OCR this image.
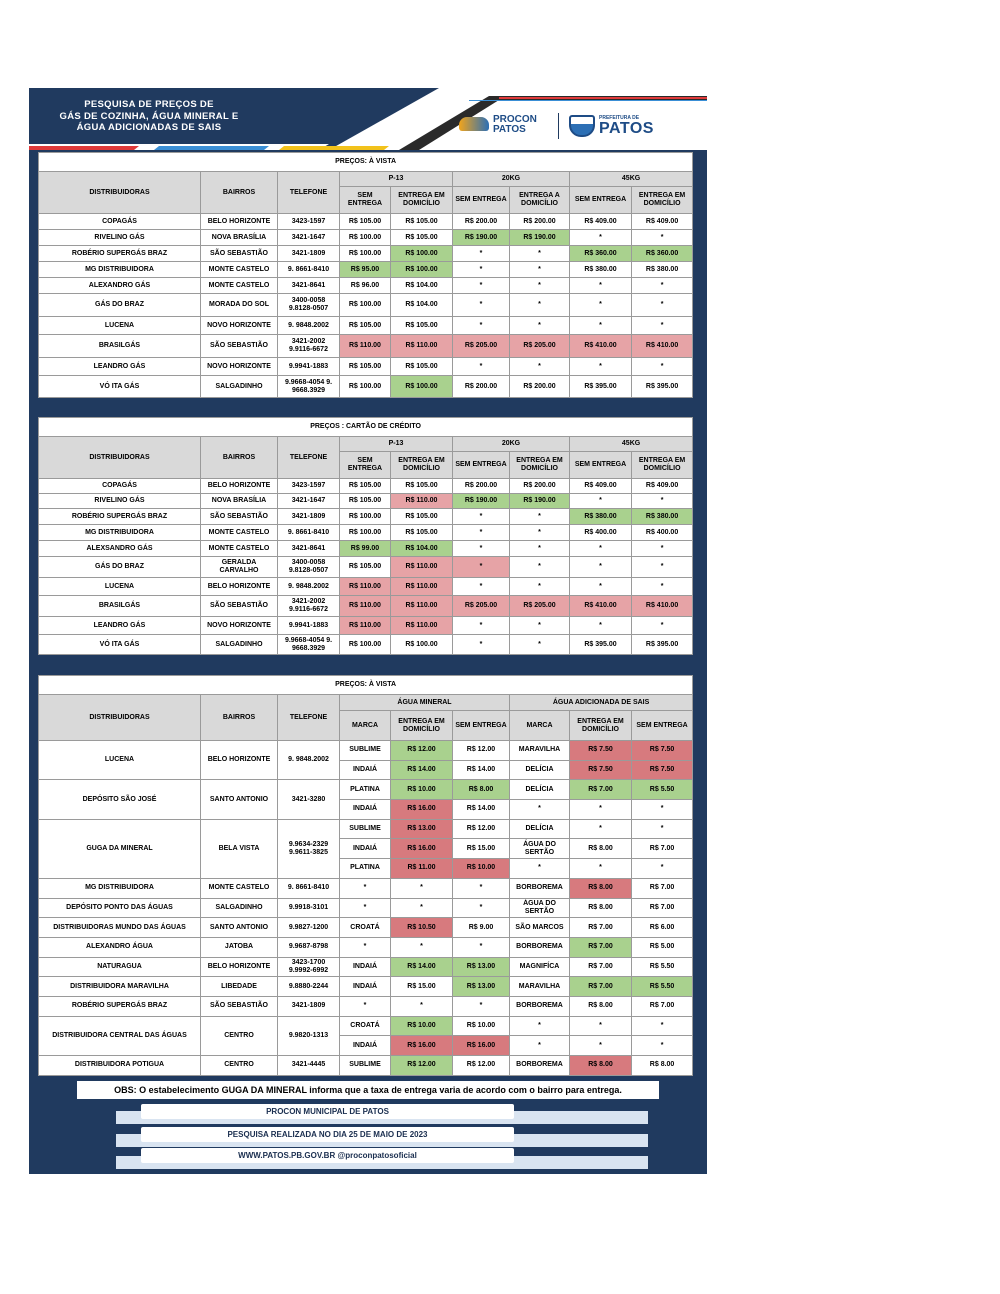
PESQUISA DE PREÇOS DE
GÁS DE COZINHA, ÁGUA MINERAL E
ÁGUA ADICIONADAS DE SAIS
PROCON
PATOS
PREFEITURA DE
PATOS
PREÇOS: À VISTA								
DISTRIBUIDORAS	BAIRROS	TELEFONE	P-13		20KG		45KG	
			SEM ENTREGA	ENTREGA EM DOMICÍLIO	SEM ENTREGA	ENTREGA A DOMICÍLIO	SEM ENTREGA	ENTREGA EM DOMICÍLIO
COPAGÁS	BELO HORIZONTE	3423-1597	R$ 105.00	R$ 105.00	R$ 200.00	R$ 200.00	R$ 409.00	R$ 409.00
RIVELINO GÁS	NOVA BRASÍLIA	3421-1647	R$ 100.00	R$ 105.00	R$ 190.00	R$ 190.00	*	*
ROBÉRIO SUPERGÁS BRAZ	SÃO SEBASTIÃO	3421-1809	R$ 100.00	R$ 100.00	*	*	R$ 360.00	R$ 360.00
MG DISTRIBUIDORA	MONTE CASTELO	9. 8661-8410	R$ 95.00	R$ 100.00	*	*	R$ 380.00	R$ 380.00
ALEXANDRO GÁS	MONTE CASTELO	3421-8641	R$ 96.00	R$ 104.00	*	*	*	*
GÁS DO BRAZ	MORADA DO SOL	3400-0058 9.8128-0507	R$ 100.00	R$ 104.00	*	*	*	*
LUCENA	NOVO HORIZONTE	9. 9848.2002	R$ 105.00	R$ 105.00	*	*	*	*
BRASILGÁS	SÃO SEBASTIÃO	3421-2002 9.9116-6672	R$ 110.00	R$ 110.00	R$ 205.00	R$ 205.00	R$ 410.00	R$ 410.00
LEANDRO GÁS	NOVO HORIZONTE	9.9941-1883	R$ 105.00	R$ 105.00	*	*	*	*
VÓ ITA GÁS	SALGADINHO	9.9668-4054 9. 9668.3929	R$ 100.00	R$ 100.00	R$ 200.00	R$ 200.00	R$ 395.00	R$ 395.00
PREÇOS : CARTÃO DE CRÉDITO								
DISTRIBUIDORAS	BAIRROS	TELEFONE	P-13		20KG		45KG	
			SEM ENTREGA	ENTREGA EM DOMICÍLIO	SEM ENTREGA	ENTREGA EM DOMICÍLIO	SEM ENTREGA	ENTREGA EM DOMICÍLIO
COPAGÁS	BELO HORIZONTE	3423-1597	R$ 105.00	R$ 105.00	R$ 200.00	R$ 200.00	R$ 409.00	R$ 409.00
RIVELINO GÁS	NOVA BRASÍLIA	3421-1647	R$ 105.00	R$ 110.00	R$ 190.00	R$ 190.00	*	*
ROBÉRIO SUPERGÁS BRAZ	SÃO SEBASTIÃO	3421-1809	R$ 100.00	R$ 105.00	*	*	R$ 380.00	R$ 380.00
MG DISTRIBUIDORA	MONTE CASTELO	9. 8661-8410	R$ 100.00	R$ 105.00	*	*	R$ 400.00	R$ 400.00
ALEXSANDRO GÁS	MONTE CASTELO	3421-8641	R$ 99.00	R$ 104.00	*	*	*	*
GÁS DO BRAZ	GERALDA CARVALHO	3400-0058 9.8128-0507	R$ 105.00	R$ 110.00	*	*	*	*
LUCENA	BELO HORIZONTE	9. 9848.2002	R$ 110.00	R$ 110.00	*	*	*	*
BRASILGÁS	SÃO SEBASTIÃO	3421-2002 9.9116-6672	R$ 110.00	R$ 110.00	R$ 205.00	R$ 205.00	R$ 410.00	R$ 410.00
LEANDRO GÁS	NOVO HORIZONTE	9.9941-1883	R$ 110.00	R$ 110.00	*	*	*	*
VÓ ITA GÁS	SALGADINHO	9.9668-4054 9. 9668.3929	R$ 100.00	R$ 100.00	*	*	R$ 395.00	R$ 395.00
PREÇOS: À VISTA								
DISTRIBUIDORAS	BAIRROS	TELEFONE	ÁGUA MINERAL			ÁGUA ADICIONADA DE SAIS		
			MARCA	ENTREGA EM DOMICÍLIO	SEM ENTREGA	MARCA	ENTREGA EM DOMICÍLIO	SEM ENTREGA
LUCENA	BELO HORIZONTE	9. 9848.2002	SUBLIME	R$ 12.00	R$ 12.00	MARAVILHA	R$ 7.50	R$ 7.50
			INDAIÁ	R$ 14.00	R$ 14.00	DELÍCIA	R$ 7.50	R$ 7.50
DEPÓSITO SÃO JOSÉ	SANTO ANTONIO	3421-3280	PLATINA	R$ 10.00	R$ 8.00	DELÍCIA	R$ 7.00	R$ 5.50
			INDAIÁ	R$ 16.00	R$ 14.00	*	*	*
GUGA DA MINERAL	BELA VISTA	9.9634-2329 9.9611-3825	SUBLIME	R$ 13.00	R$ 12.00	DELÍCIA	*	*
			INDAIÁ	R$ 16.00	R$ 15.00	ÁGUA DO SERTÃO	R$ 8.00	R$ 7.00
			PLATINA	R$ 11.00	R$ 10.00	*	*	*
MG DISTRIBUIDORA	MONTE CASTELO	9. 8661-8410	*	*	*	BORBOREMA	R$ 8.00	R$ 7.00
DEPÓSITO PONTO DAS ÁGUAS	SALGADINHO	9.9918-3101	*	*	*	ÁGUA DO SERTÃO	R$ 8.00	R$ 7.00
DISTRIBUIDORAS MUNDO DAS ÁGUAS	SANTO ANTONIO	9.9827-1200	CROATÁ	R$ 10.50	R$ 9.00	SÃO MARCOS	R$ 7.00	R$ 6.00
ALEXANDRO ÁGUA	JATOBA	9.9687-8798	*	*	*	BORBOREMA	R$ 7.00	R$ 5.00
NATURAGUA	BELO HORIZONTE	3423-1700 9.9992-6992	INDAIÁ	R$ 14.00	R$ 13.00	MAGNIFÍCA	R$ 7.00	R$ 5.50
DISTRIBUIDORA MARAVILHA	LIBEDADE	9.8880-2244	INDAIÁ	R$ 15.00	R$ 13.00	MARAVILHA	R$ 7.00	R$ 5.50
ROBÉRIO SUPERGÁS BRAZ	SÃO SEBASTIÃO	3421-1809	*	*	*	BORBOREMA	R$ 8.00	R$ 7.00
DISTRIBUIDORA CENTRAL DAS ÁGUAS	CENTRO	9.9820-1313	CROATÁ	R$ 10.00	R$ 10.00	*	*	*
			INDAIÁ	R$ 16.00	R$ 16.00	*	*	*
DISTRIBUIDORA POTIGUA	CENTRO	3421-4445	SUBLIME	R$ 12.00	R$ 12.00	BORBOREMA	R$ 8.00	R$ 8.00
OBS: O estabelecimento GUGA DA MINERAL informa que a taxa de entrega varia de acordo com o bairro para entrega.
PROCON MUNICIPAL DE PATOS
PESQUISA REALIZADA NO DIA 25 DE MAIO DE 2023
WWW.PATOS.PB.GOV.BR @proconpatosoficial
